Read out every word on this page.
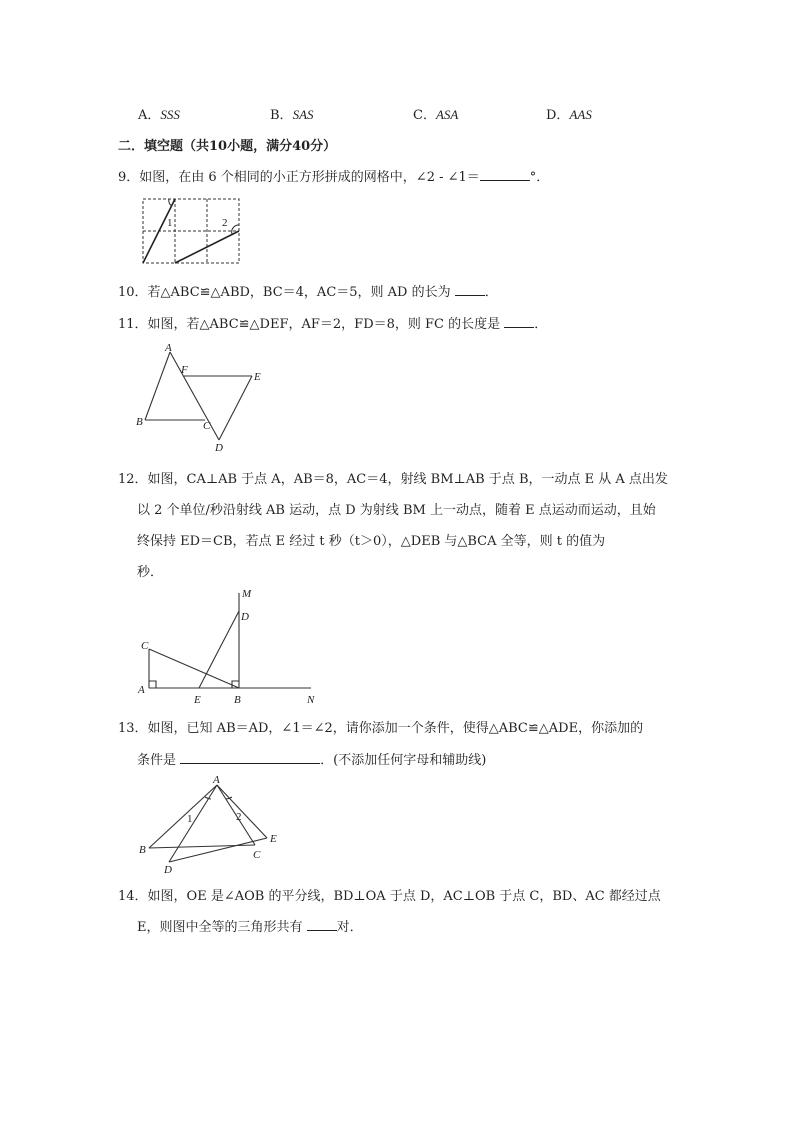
A．SSS	B．SAS	C．ASA	D．AAS
二．填空题（共10小题，满分40分）
9．如图，在由 6 个相同的小正方形拼成的网格中，∠2 - ∠1＝	°．
1	2
10．若△ABC≌△ABD，BC＝4，AC＝5，则 AD 的长为	．
11．如图，若△ABC≌△DEF，AF＝2，FD＝8，则 FC 的长度是	．
A
F
E
B	C
D
12．如图，CA⊥AB 于点 A，AB＝8，AC＝4，射线 BM⊥AB 于点 B，一动点 E 从 A 点出发
以 2 个单位/秒沿射线 AB 运动，点 D 为射线 BM 上一动点，随着 E 点运动而运动，且始
终保持 ED＝CB，若点 E 经过 t 秒（t＞0），△DEB 与△BCA 全等，则 t 的值为
秒．
M
D
C
A
E	B	N
13．如图，已知 AB＝AD，∠1＝∠2，请你添加一个条件，使得△ABC≌△ADE，你添加的
条件是	．(不添加任何字母和辅助线)
A
1	2
B
E
C
D
14．如图，OE 是∠AOB 的平分线，BD⊥OA 于点 D，AC⊥OB 于点 C，BD、AC 都经过点
E，则图中全等的三角形共有	对．
